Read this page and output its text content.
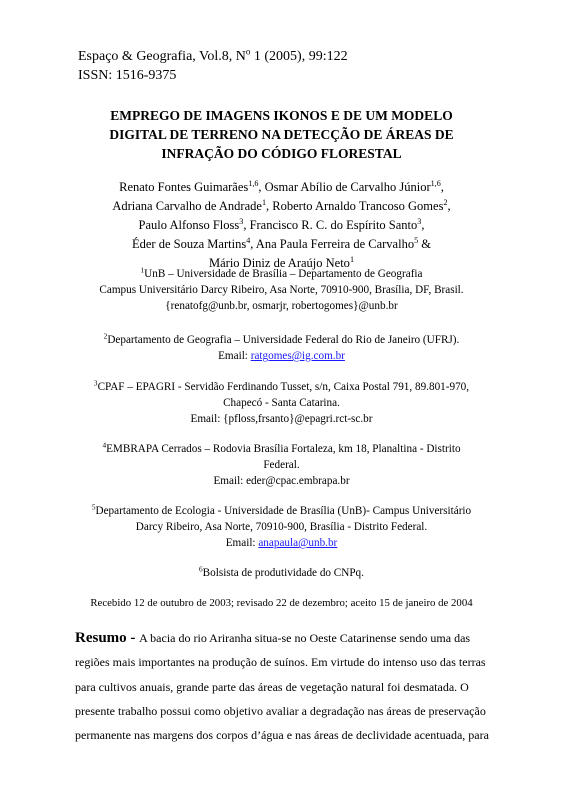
Espaço & Geografia, Vol.8, $N^o$ 1 (2005), 99:122
ISSN: 1516-9375
EMPREGO DE IMAGENS IKONOS E DE UM MODELO
DIGITAL DE TERRENO NA DETECÇÃO DE ÁREAS DE
INFRAÇÃO DO CÓDIGO FLORESTAL
Renato Fontes Guimarães$^{1,6}$, Osmar Abílio de Carvalho Júnior$^{1,6}$,
Adriana Carvalho de Andrade$^1$, Roberto Arnaldo Trancoso Gomes$^2$,
Paulo Alfonso Floss$^3$, Francisco R. C. do Espírito Santo$^3$,
Éder de Souza Martins$^4$, Ana Paula Ferreira de Carvalho$^5$ &
Mário Diniz de Araújo Neto$^1$
$^1$UnB – Universidade de Brasília – Departamento de Geografia
Campus Universitário Darcy Ribeiro, Asa Norte, 70910-900, Brasília, DF, Brasil.
{renatofg@unb.br, osmarjr, robertogomes}@unb.br
$^2$Departamento de Geografia – Universidade Federal do Rio de Janeiro (UFRJ).
Email: ratgomes@ig.com.br
$^3$CPAF – EPAGRI - Servidão Ferdinando Tusset, s/n, Caixa Postal 791, 89.801-970,
Chapecó - Santa Catarina.
Email: {pfloss,frsanto}@epagri.rct-sc.br
$^4$EMBRAPA Cerrados – Rodovia Brasília Fortaleza, km 18, Planaltina - Distrito
Federal.
Email: eder@cpac.embrapa.br
$^5$Departamento de Ecologia - Universidade de Brasília (UnB)- Campus Universitário
Darcy Ribeiro, Asa Norte, 70910-900, Brasília - Distrito Federal.
Email: anapaula@unb.br
$^6$Bolsista de produtividade do CNPq.
Recebido 12 de outubro de 2003; revisado 22 de dezembro; aceito 15 de janeiro de 2004
Resumo - A bacia do rio Ariranha situa-se no Oeste Catarinense sendo uma das
regiões mais importantes na produção de suínos. Em virtude do intenso uso das terras
para cultivos anuais, grande parte das áreas de vegetação natural foi desmatada. O
presente trabalho possui como objetivo avaliar a degradação nas áreas de preservação
permanente nas margens dos corpos d’água e nas áreas de declividade acentuada, para
